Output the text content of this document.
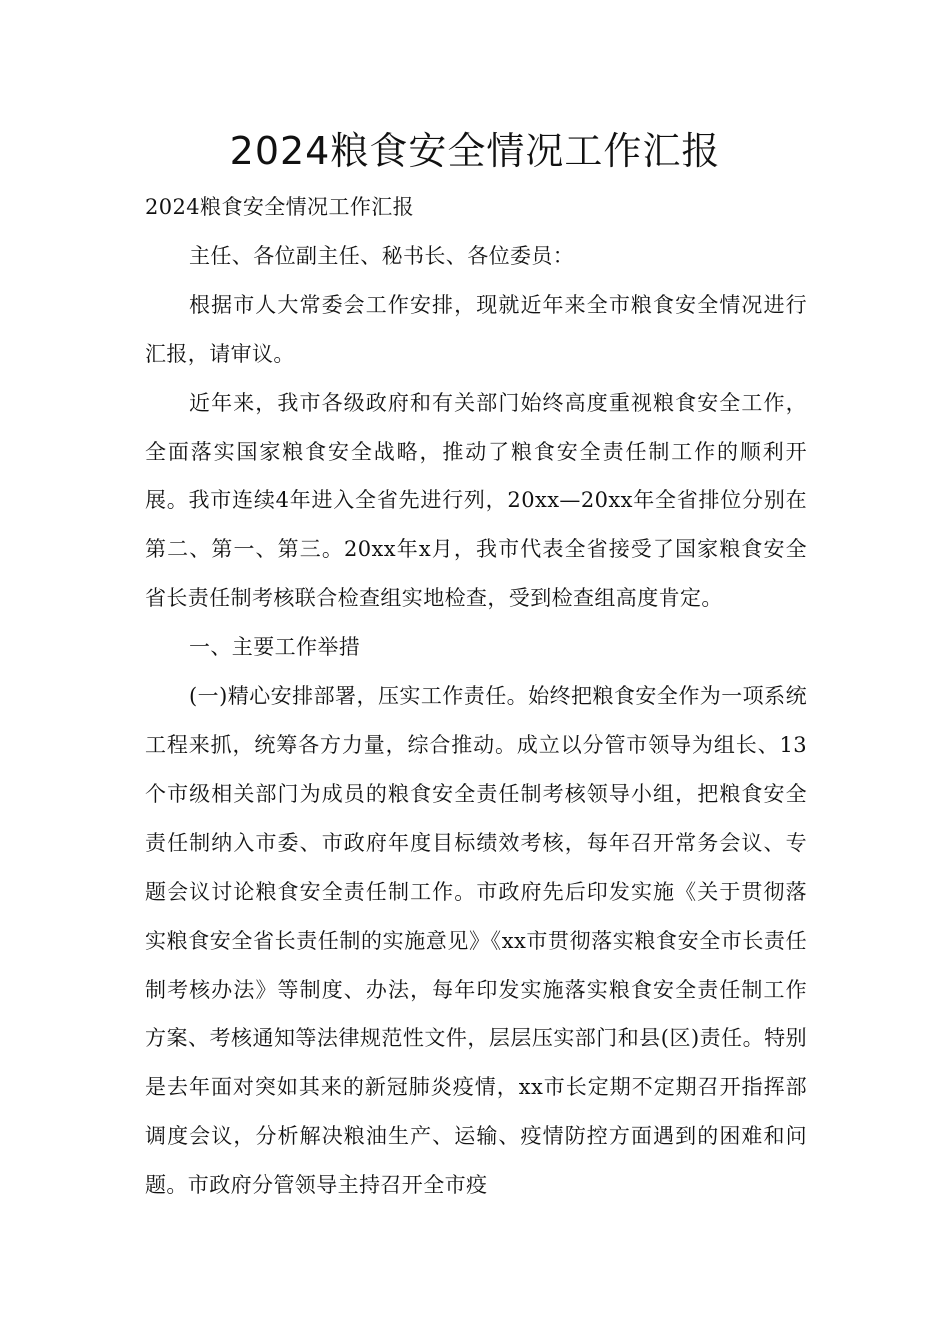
2024粮食安全情况工作汇报

2024粮食安全情况工作汇报

主任、各位副主任、秘书长、各位委员：

根据市人大常委会工作安排，现就近年来全市粮食安全情况进行汇报，请审议。

近年来，我市各级政府和有关部门始终高度重视粮食安全工作，全面落实国家粮食安全战略，推动了粮食安全责任制工作的顺利开展。我市连续4年进入全省先进行列，20xx—20xx年全省排位分别在第二、第一、第三。20xx年x月，我市代表全省接受了国家粮食安全省长责任制考核联合检查组实地检查，受到检查组高度肯定。

一、主要工作举措

(一)精心安排部署，压实工作责任。始终把粮食安全作为一项系统工程来抓，统筹各方力量，综合推动。成立以分管市领导为组长、13个市级相关部门为成员的粮食安全责任制考核领导小组，把粮食安全责任制纳入市委、市政府年度目标绩效考核，每年召开常务会议、专题会议讨论粮食安全责任制工作。市政府先后印发实施《关于贯彻落实粮食安全省长责任制的实施意见》《xx市贯彻落实粮食安全市长责任制考核办法》等制度、办法，每年印发实施落实粮食安全责任制工作方案、考核通知等法律规范性文件，层层压实部门和县(区)责任。特别是去年面对突如其来的新冠肺炎疫情，xx市长定期不定期召开指挥部调度会议，分析解决粮油生产、运输、疫情防控方面遇到的困难和问题。市政府分管领导主持召开全市疫
